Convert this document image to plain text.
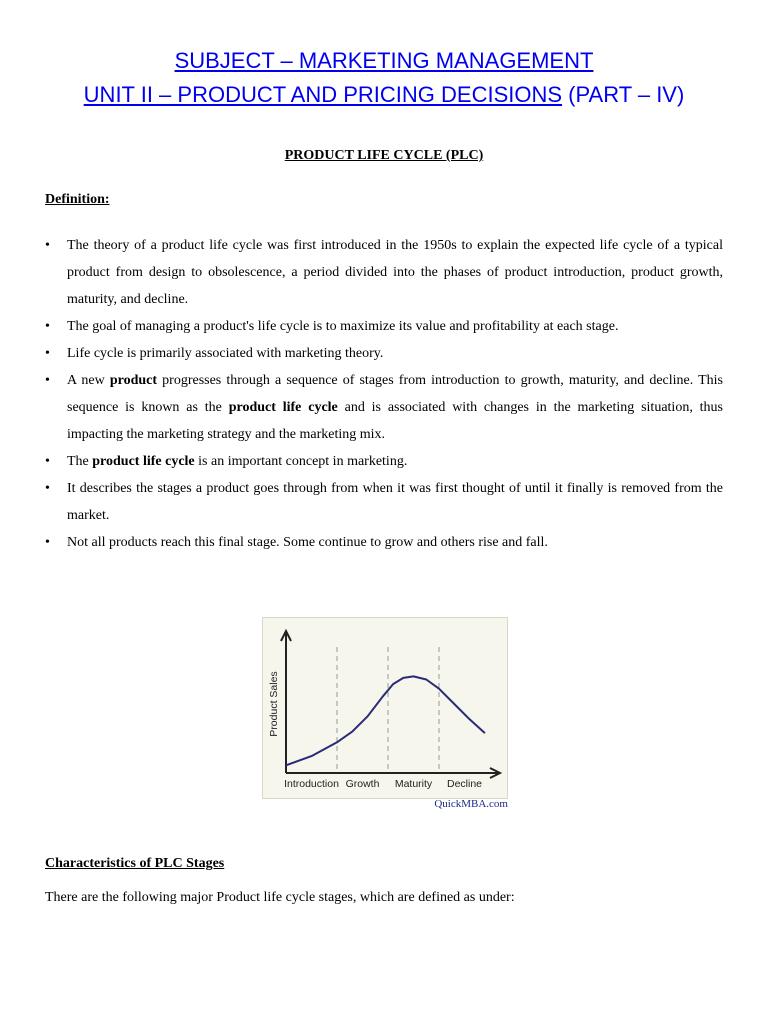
SUBJECT – MARKETING MANAGEMENT
UNIT II – PRODUCT AND PRICING DECISIONS (PART – IV)
PRODUCT LIFE CYCLE (PLC)
Definition:
• The theory of a product life cycle was first introduced in the 1950s to explain the expected life cycle of a typical product from design to obsolescence, a period divided into the phases of product introduction, product growth, maturity, and decline.
• The goal of managing a product's life cycle is to maximize its value and profitability at each stage.
• Life cycle is primarily associated with marketing theory.
• A new product progresses through a sequence of stages from introduction to growth, maturity, and decline. This sequence is known as the product life cycle and is associated with changes in the marketing situation, thus impacting the marketing strategy and the marketing mix.
• The product life cycle is an important concept in marketing.
• It describes the stages a product goes through from when it was first thought of until it finally is removed from the market.
• Not all products reach this final stage. Some continue to grow and others rise and fall.
Introduction Growth Maturity Decline
Product Sales
QuickMBA.com
Characteristics of PLC Stages
There are the following major Product life cycle stages, which are defined as under:
